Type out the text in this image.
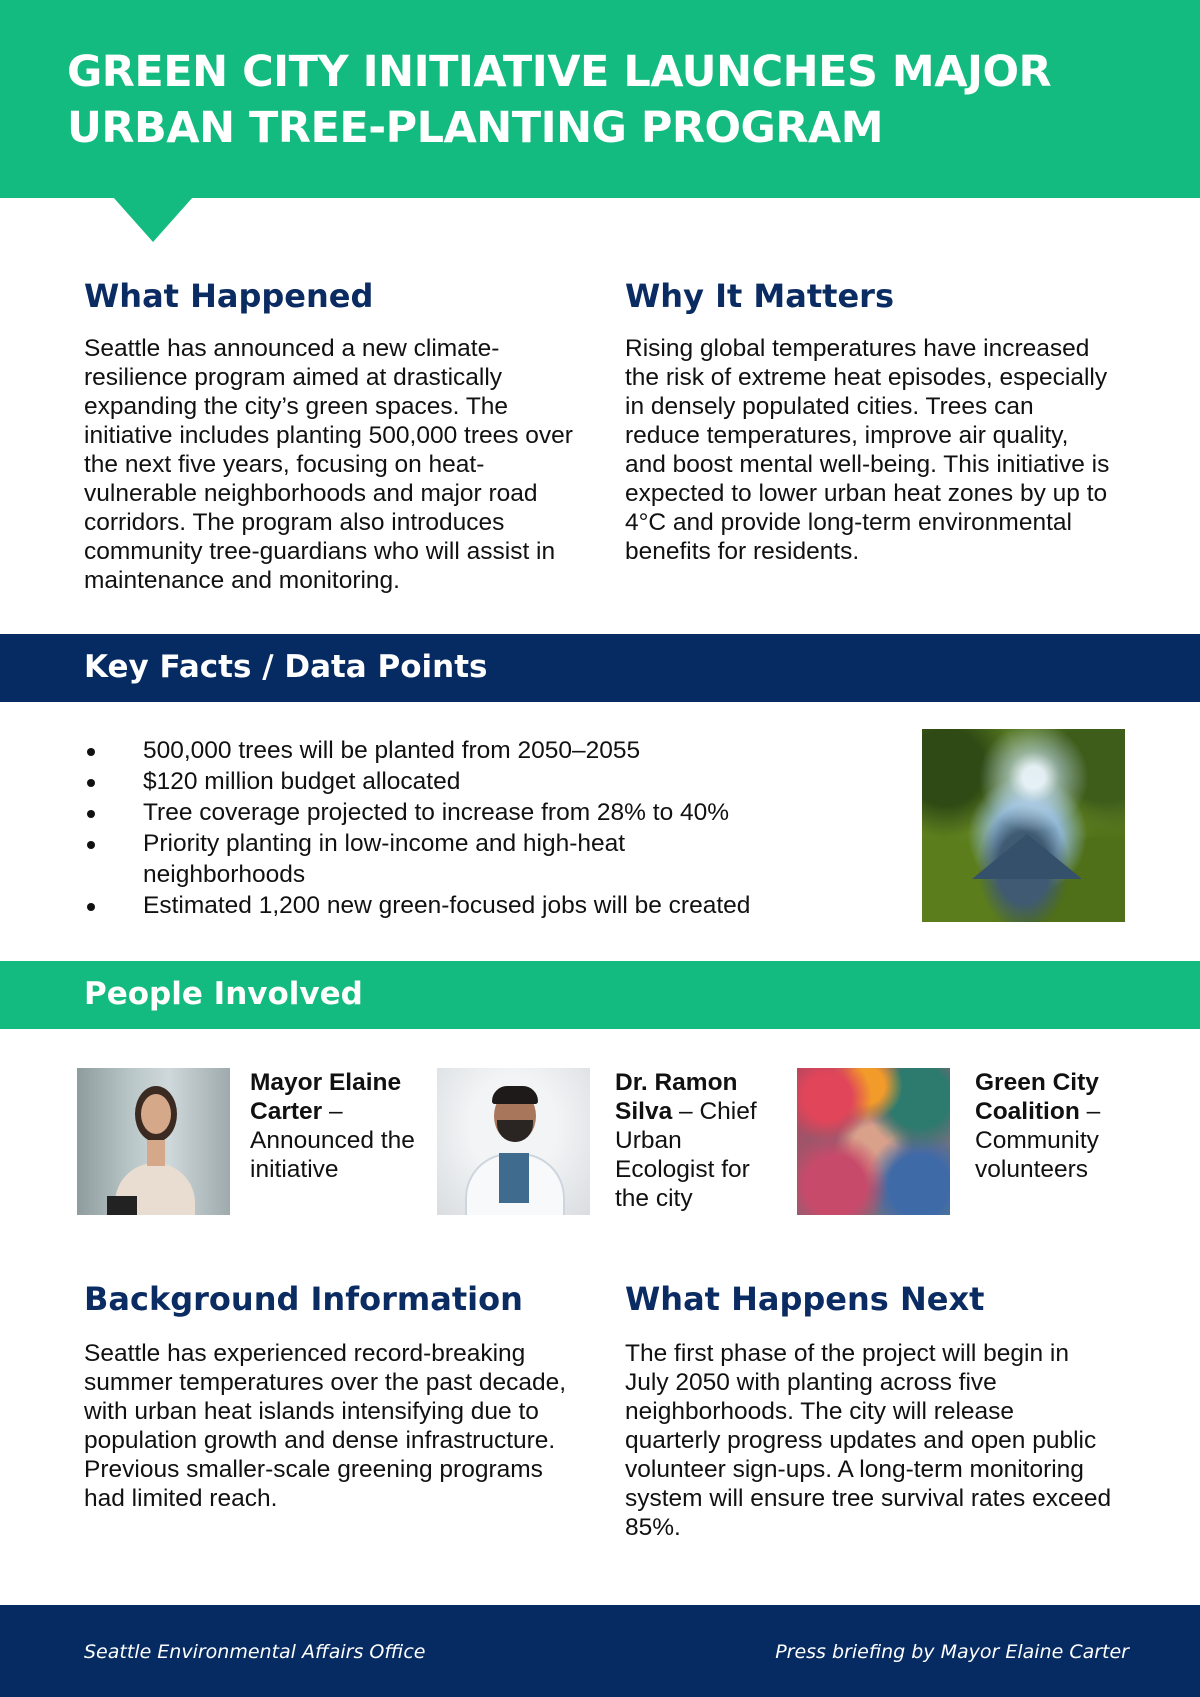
GREEN CITY INITIATIVE LAUNCHES MAJOR URBAN TREE-PLANTING PROGRAM
What Happened

Seattle has announced a new climate-resilience program aimed at drastically expanding the city’s green spaces. The initiative includes planting 500,000 trees over the next five years, focusing on heat-vulnerable neighborhoods and major road corridors. The program also introduces community tree-guardians who will assist in maintenance and monitoring.

Why It Matters

Rising global temperatures have increased the risk of extreme heat episodes, especially in densely populated cities. Trees can reduce temperatures, improve air quality, and boost mental well-being. This initiative is expected to lower urban heat zones by up to 4°C and provide long-term environmental benefits for residents.

Key Facts / Data Points
500,000 trees will be planted from 2050–2055
$120 million budget allocated
Tree coverage projected to increase from 28% to 40%
Priority planting in low-income and high-heat neighborhoods
Estimated 1,200 new green-focused jobs will be created
People Involved
Mayor Elaine Carter – Announced the initiative
Dr. Ramon Silva – Chief Urban Ecologist for the city
Green City Coalition – Community volunteers
Background Information

Seattle has experienced record-breaking summer temperatures over the past decade, with urban heat islands intensifying due to population growth and dense infrastructure. Previous smaller-scale greening programs had limited reach.

What Happens Next

The first phase of the project will begin in July 2050 with planting across five neighborhoods. The city will release quarterly progress updates and open public volunteer sign-ups. A long-term monitoring system will ensure tree survival rates exceed 85%.

Seattle Environmental Affairs Office	Press briefing by Mayor Elaine Carter
